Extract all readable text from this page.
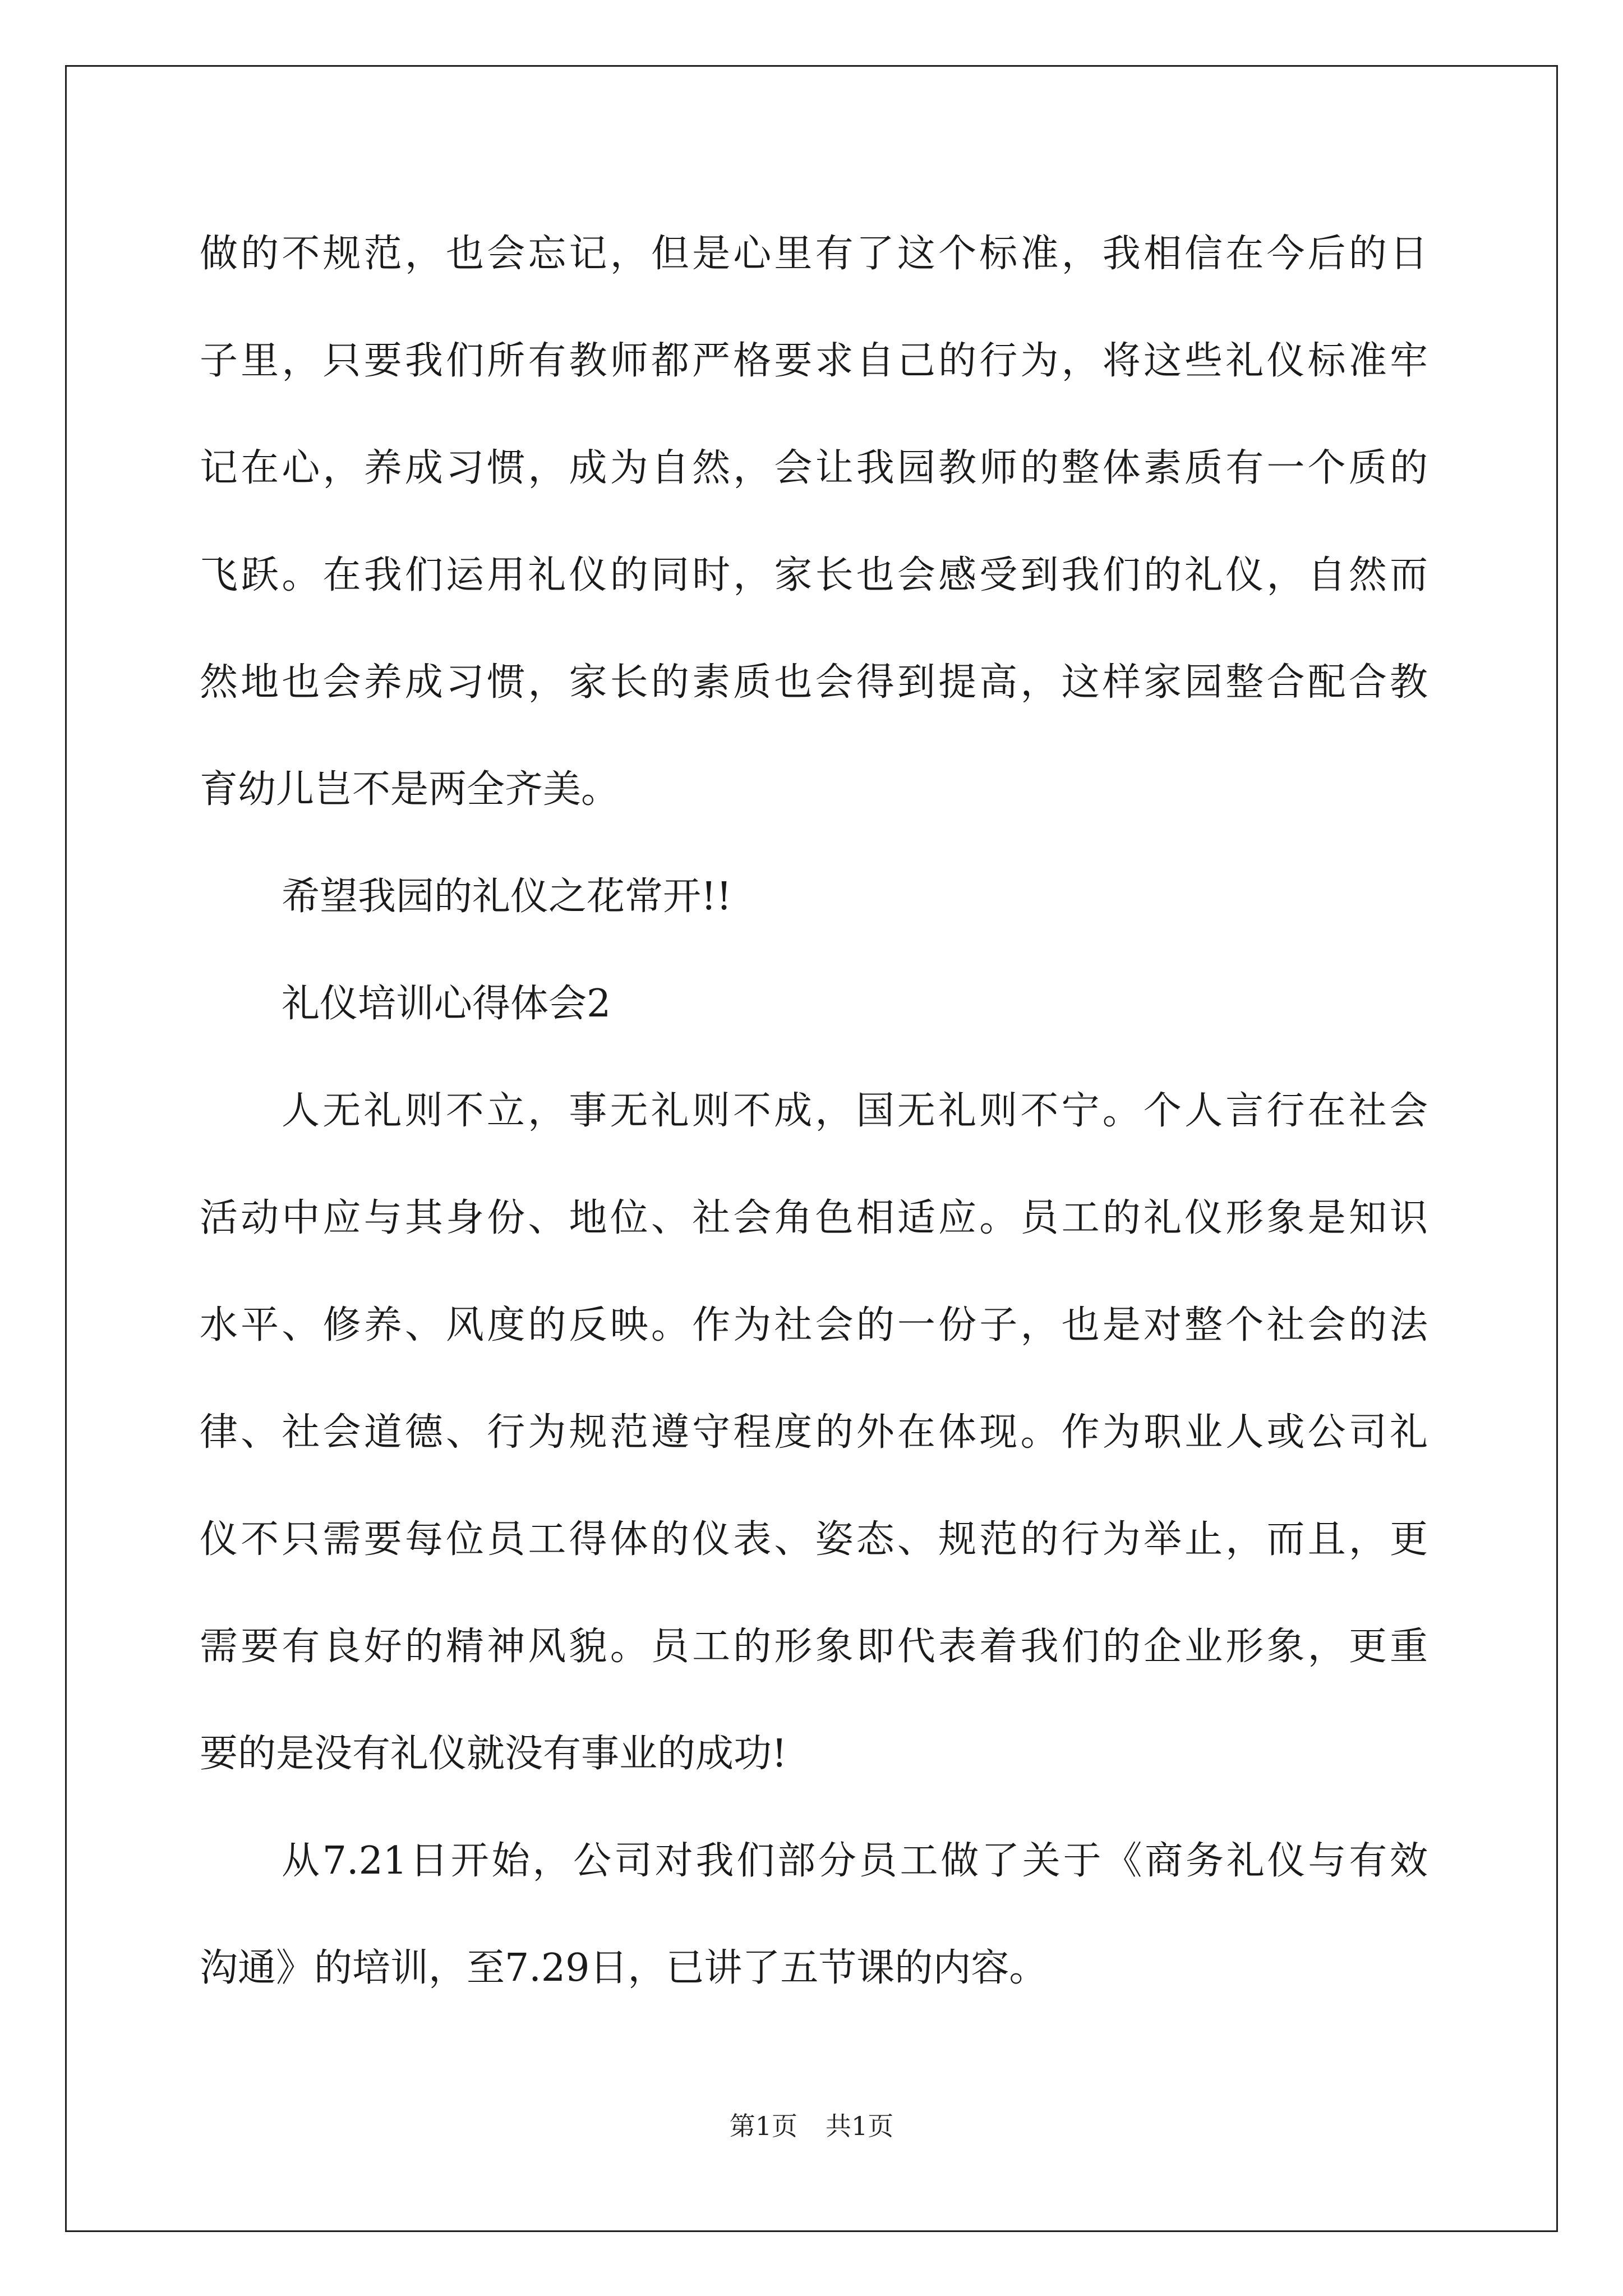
做的不规范，也会忘记，但是心里有了这个标准，我相信在今后的日
子里，只要我们所有教师都严格要求自己的行为，将这些礼仪标准牢
记在心，养成习惯，成为自然，会让我园教师的整体素质有一个质的
飞跃。在我们运用礼仪的同时，家长也会感受到我们的礼仪，自然而
然地也会养成习惯，家长的素质也会得到提高，这样家园整合配合教
育幼儿岂不是两全齐美。
希望我园的礼仪之花常开!!
礼仪培训心得体会2
人无礼则不立，事无礼则不成，国无礼则不宁。个人言行在社会
活动中应与其身份、地位、社会角色相适应。员工的礼仪形象是知识
水平、修养、风度的反映。作为社会的一份子，也是对整个社会的法
律、社会道德、行为规范遵守程度的外在体现。作为职业人或公司礼
仪不只需要每位员工得体的仪表、姿态、规范的行为举止，而且，更
需要有良好的精神风貌。员工的形象即代表着我们的企业形象，更重
要的是没有礼仪就没有事业的成功!
从7.21日开始，公司对我们部分员工做了关于《商务礼仪与有效
沟通》的培训，至7.29日，已讲了五节课的内容。
第1页 共1页
